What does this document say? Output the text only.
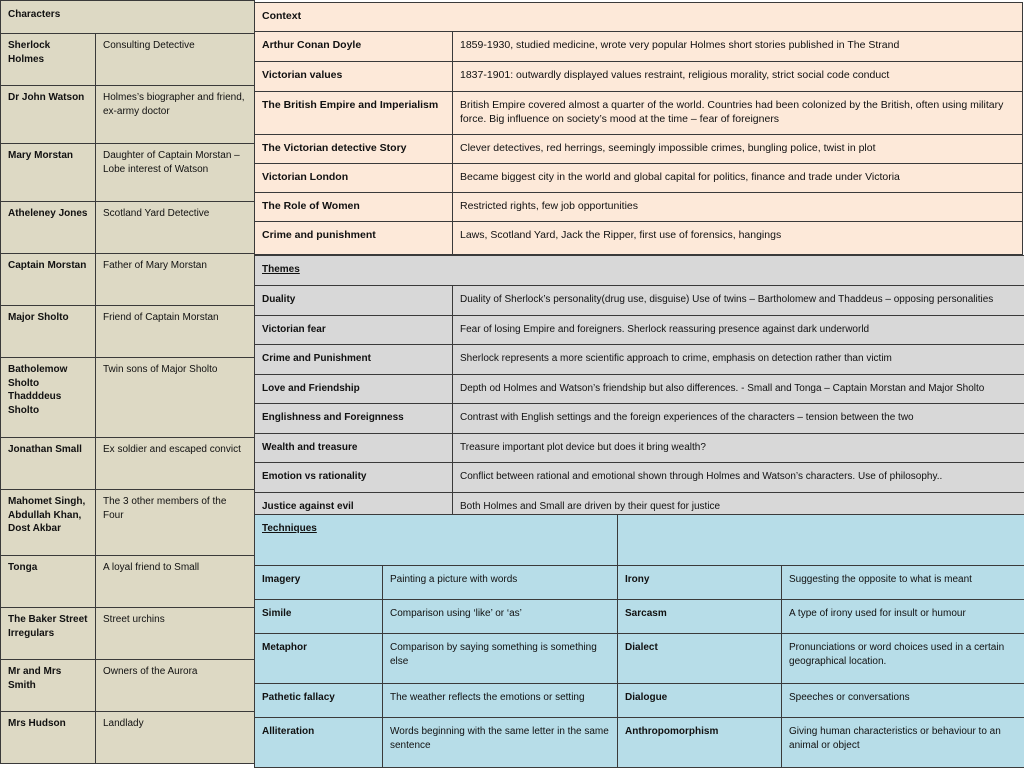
Characters	
Sherlock Holmes	Consulting Detective
Dr John Watson	Holmes’s biographer and friend, ex-army doctor
Mary Morstan	Daughter of Captain Morstan – Lobe interest of Watson
Atheleney Jones	Scotland Yard Detective
Captain Morstan	Father of Mary Morstan
Major Sholto	Friend of Captain Morstan
Batholemow Sholto Thadddeus Sholto	Twin sons of Major Sholto
Jonathan Small	Ex soldier and escaped convict
Mahomet Singh, Abdullah Khan, Dost Akbar	The 3 other members of the Four
Tonga	A loyal friend to Small
The Baker Street Irregulars	Street urchins
Mr and Mrs Smith	Owners of the Aurora
Mrs Hudson	Landlady
Context	
Arthur Conan Doyle	1859-1930, studied medicine, wrote very popular Holmes short stories published in The Strand
Victorian values	1837-1901: outwardly displayed values restraint, religious morality, strict social code conduct
The British Empire and Imperialism	British Empire covered almost a quarter of the world. Countries had been colonized by the British, often using military force. Big influence on society’s mood at the time – fear of foreigners
The Victorian detective Story	Clever detectives, red herrings, seemingly impossible crimes, bungling police, twist in plot
Victorian London	Became biggest city in the world and global capital for politics, finance and trade under Victoria
The Role of Women	Restricted rights, few job opportunities
Crime and punishment	Laws, Scotland Yard, Jack the Ripper, first use of forensics, hangings
Themes	
Duality	Duality of Sherlock’s personality(drug use, disguise) Use of twins – Bartholomew and Thaddeus – opposing personalities
Victorian fear	Fear of losing Empire and foreigners. Sherlock reassuring presence against dark underworld
Crime and Punishment	Sherlock represents a more scientific approach to crime, emphasis on detection rather than victim
Love and Friendship	Depth od Holmes and Watson’s friendship but also differences. - Small and Tonga – Captain Morstan and Major Sholto
Englishness and Foreignness	Contrast with English settings and the foreign experiences of the characters – tension between the two
Wealth and treasure	Treasure important plot device but does it bring wealth?
Emotion vs rationality	Conflict between rational and emotional shown through Holmes and Watson’s characters. Use of philosophy..
Justice against evil	Both Holmes and Small are driven by their quest for justice
Techniques			
Imagery	Painting a picture with words	Irony	Suggesting the opposite to what is meant
Simile	Comparison using ‘like’ or ‘as’	Sarcasm	A type of irony used for insult or humour
Metaphor	Comparison by saying something is something else	Dialect	Pronunciations or word choices used in a certain geographical location.
Pathetic fallacy	The weather reflects the emotions or setting	Dialogue	Speeches or conversations
Alliteration	Words beginning with the same letter in the same sentence	Anthropomorphism	Giving human characteristics or behaviour to an animal or object
